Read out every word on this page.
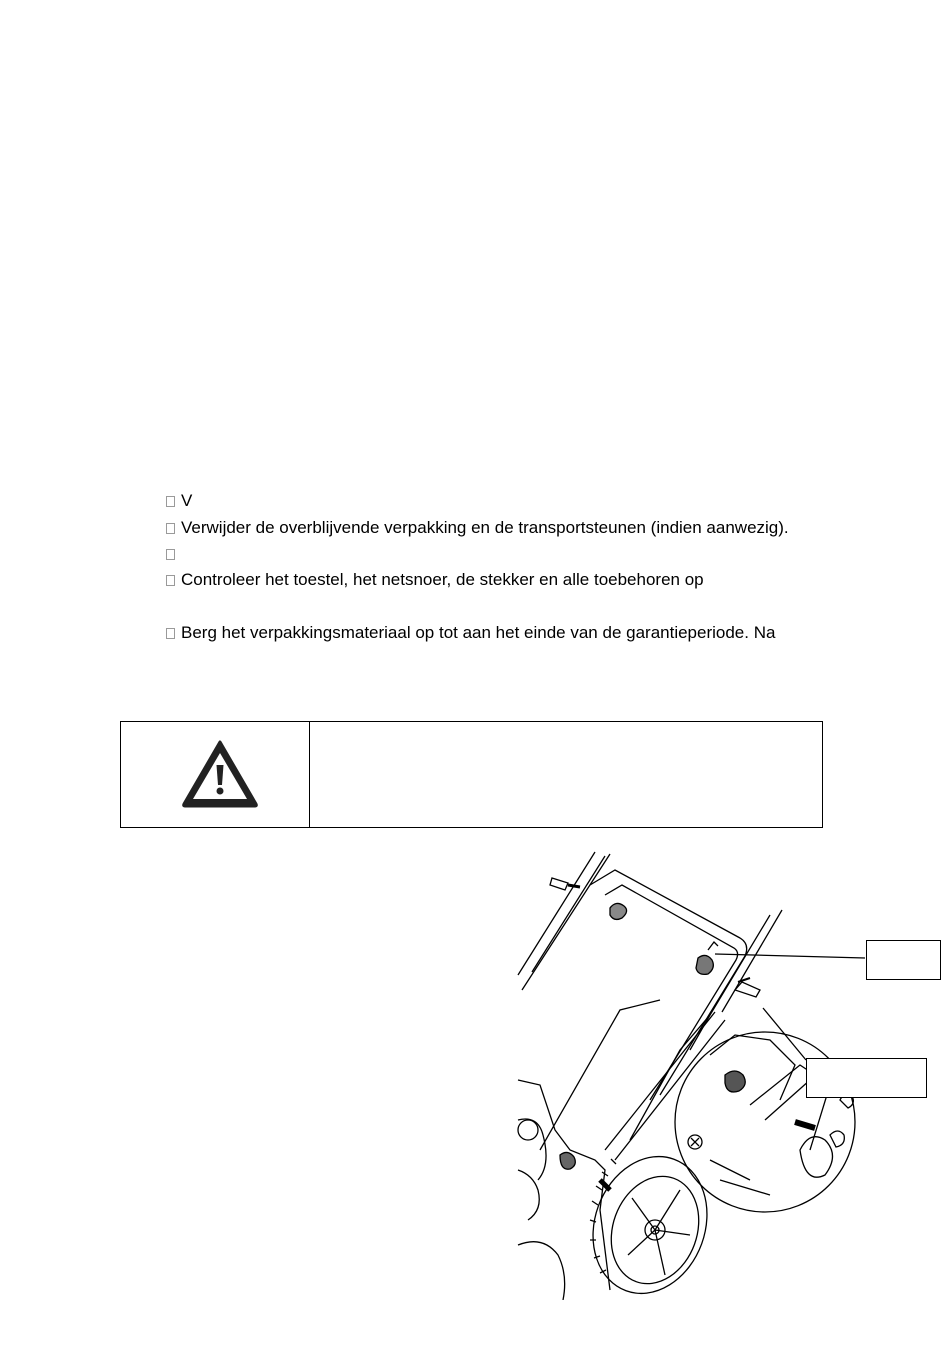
V
Verwijder de overblijvende verpakking en de transportsteunen (indien aanwezig).
Controleer het toestel, het netsnoer, de stekker en alle toebehoren op
Berg het verpakkingsmateriaal op tot aan het einde van de garantieperiode. Na
